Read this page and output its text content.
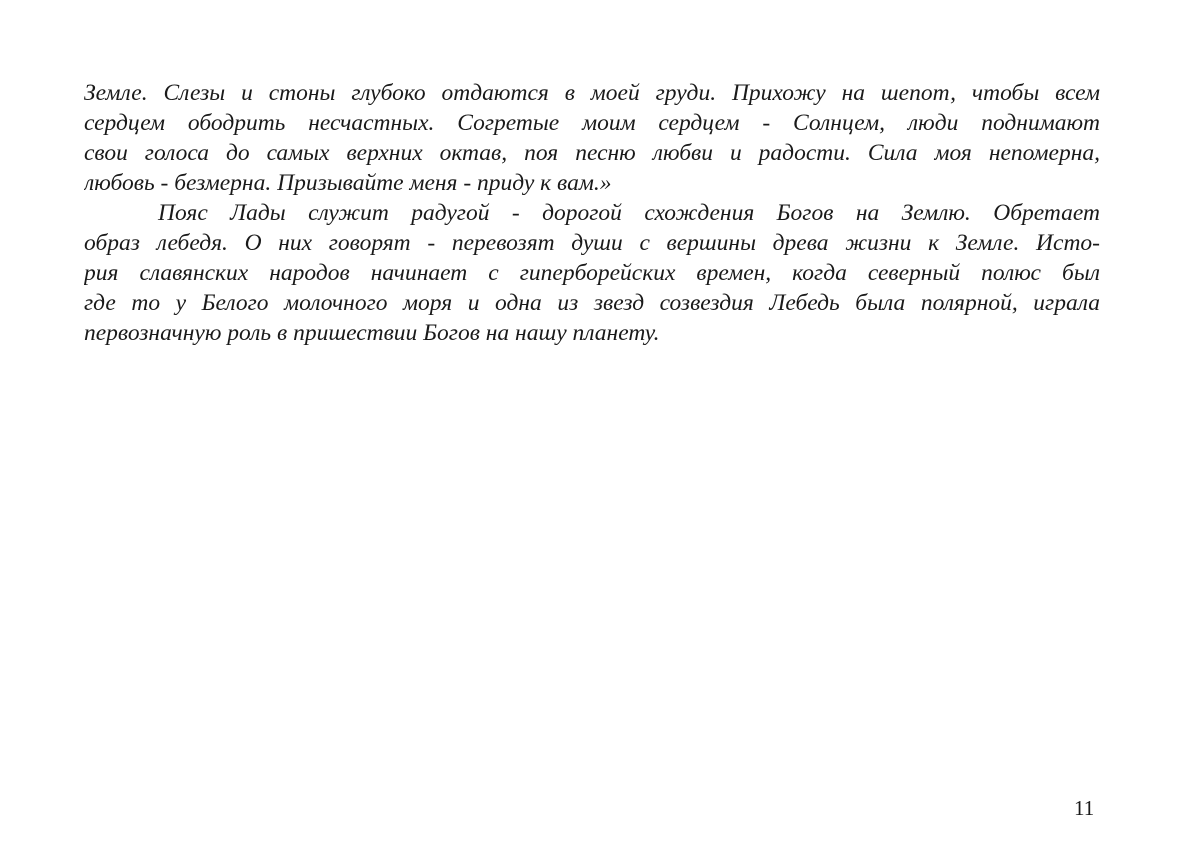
Земле. Слезы и стоны глубоко отдаются в моей груди. Прихожу на шепот, чтобы всем
сердцем ободрить несчастных. Согретые моим сердцем - Солнцем, люди поднимают
свои голоса до самых верхних октав, поя песню любви и радости. Сила моя непомерна,
любовь - безмерна. Призывайте меня - приду к вам.»
Пояс Лады служит радугой - дорогой схождения Богов на Землю. Обретает
образ лебедя. О них говорят - перевозят души с вершины древа жизни к Земле. Исто-
рия славянских народов начинает с гиперборейских времен, когда северный полюс был
где то у Белого молочного моря и одна из звезд созвездия Лебедь была полярной, играла
первозначную роль в пришествии Богов на нашу планету.
11
